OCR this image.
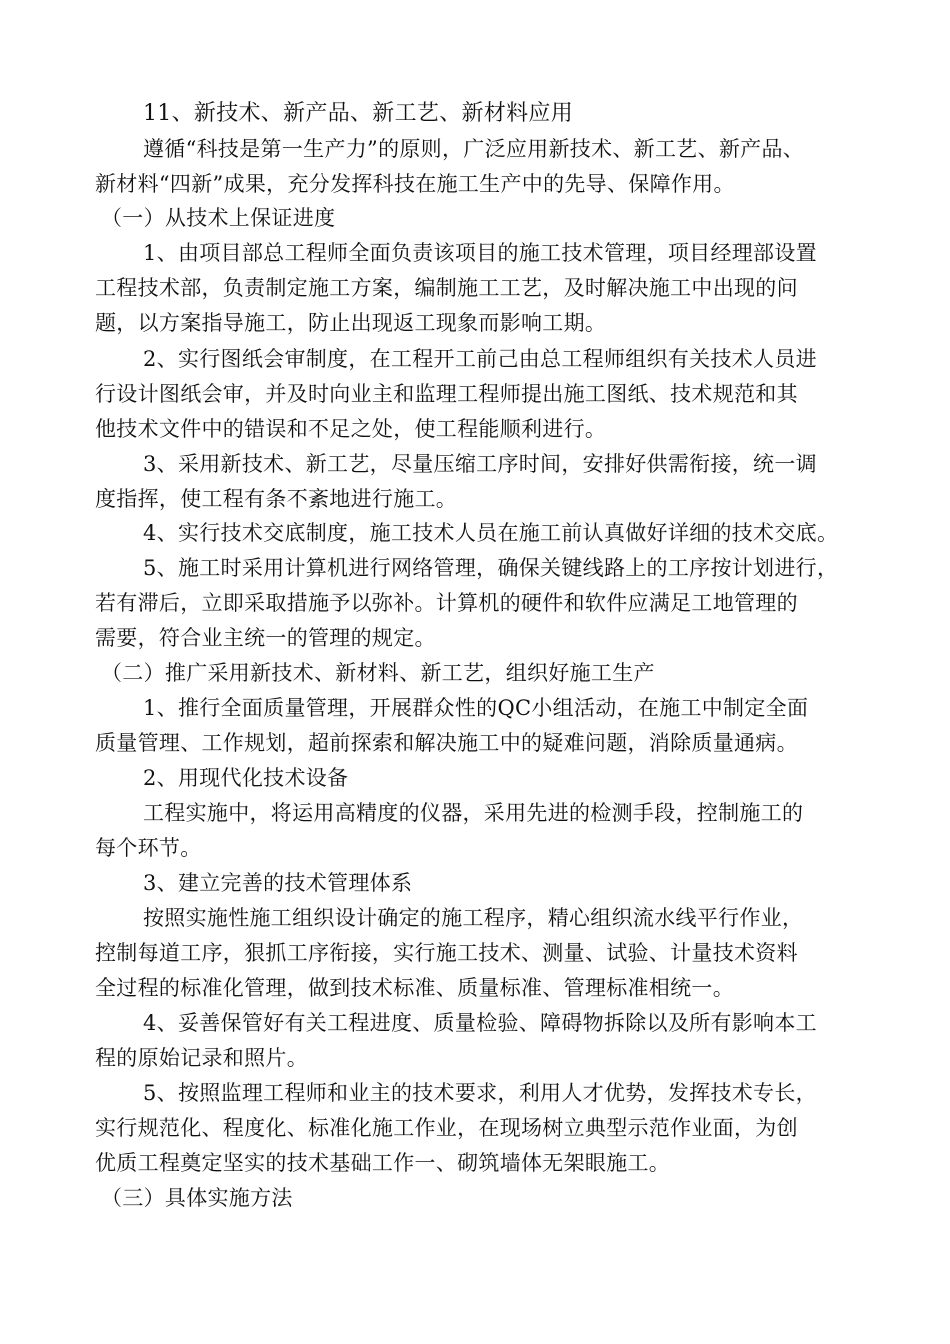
11、新技术、新产品、新工艺、新材料应用
遵循“科技是第一生产力”的原则，广泛应用新技术、新工艺、新产品、
新材料“四新”成果，充分发挥科技在施工生产中的先导、保障作用。
（一）从技术上保证进度
1、由项目部总工程师全面负责该项目的施工技术管理，项目经理部设置
工程技术部，负责制定施工方案，编制施工工艺，及时解决施工中出现的问
题，以方案指导施工，防止出现返工现象而影响工期。
2、实行图纸会审制度，在工程开工前己由总工程师组织有关技术人员进
行设计图纸会审，并及时向业主和监理工程师提出施工图纸、技术规范和其
他技术文件中的错误和不足之处，使工程能顺利进行。
3、采用新技术、新工艺，尽量压缩工序时间，安排好供需衔接，统一调
度指挥，使工程有条不紊地进行施工。
4、实行技术交底制度，施工技术人员在施工前认真做好详细的技术交底。
5、施工时采用计算机进行网络管理，确保关键线路上的工序按计划进行，
若有滞后，立即采取措施予以弥补。计算机的硬件和软件应满足工地管理的
需要，符合业主统一的管理的规定。
（二）推广采用新技术、新材料、新工艺，组织好施工生产
1、推行全面质量管理，开展群众性的QC小组活动，在施工中制定全面
质量管理、工作规划，超前探索和解决施工中的疑难问题，消除质量通病。
2、用现代化技术设备
工程实施中，将运用高精度的仪器，采用先进的检测手段，控制施工的
每个环节。
3、建立完善的技术管理体系
按照实施性施工组织设计确定的施工程序，精心组织流水线平行作业，
控制每道工序，狠抓工序衔接，实行施工技术、测量、试验、计量技术资料
全过程的标准化管理，做到技术标准、质量标准、管理标准相统一。
4、妥善保管好有关工程进度、质量检验、障碍物拆除以及所有影响本工
程的原始记录和照片。
5、按照监理工程师和业主的技术要求，利用人才优势，发挥技术专长，
实行规范化、程度化、标准化施工作业，在现场树立典型示范作业面，为创
优质工程奠定坚实的技术基础工作一、砌筑墙体无架眼施工。
（三）具体实施方法
